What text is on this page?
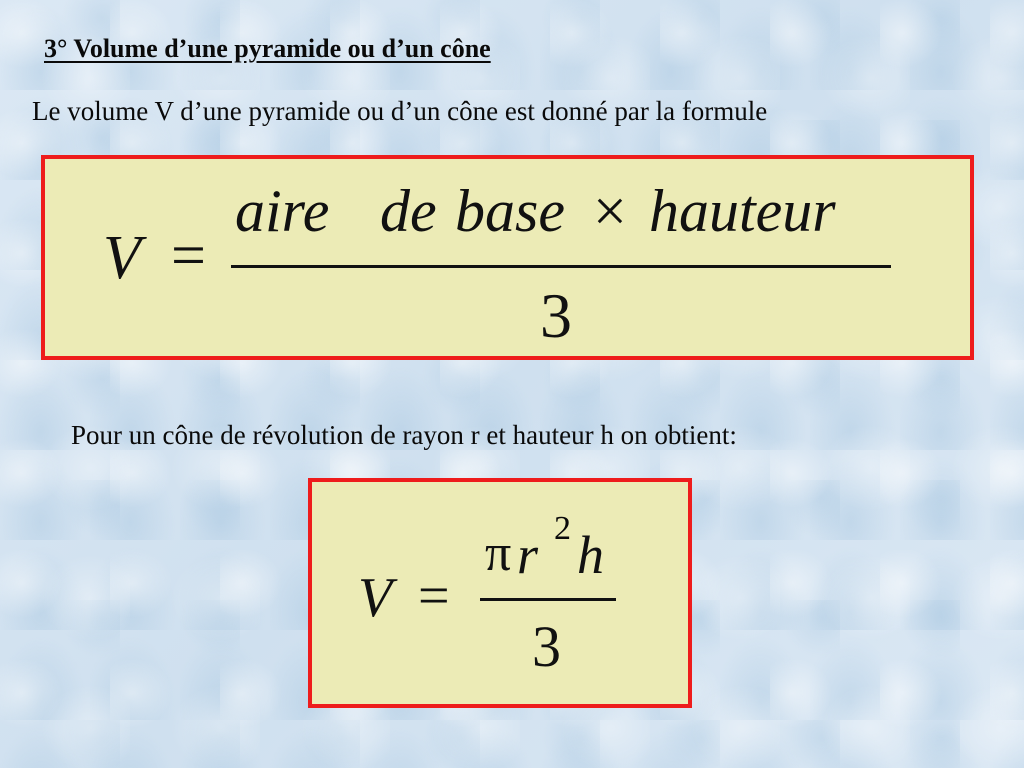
3° Volume d’une pyramide ou d’un cône
Le volume V d’une pyramide ou d’un cône est donné par la formule
V =
aire de base × hauteur
3
Pour un cône de révolution de rayon r et hauteur h on obtient:
V =
π r 2 h
3
